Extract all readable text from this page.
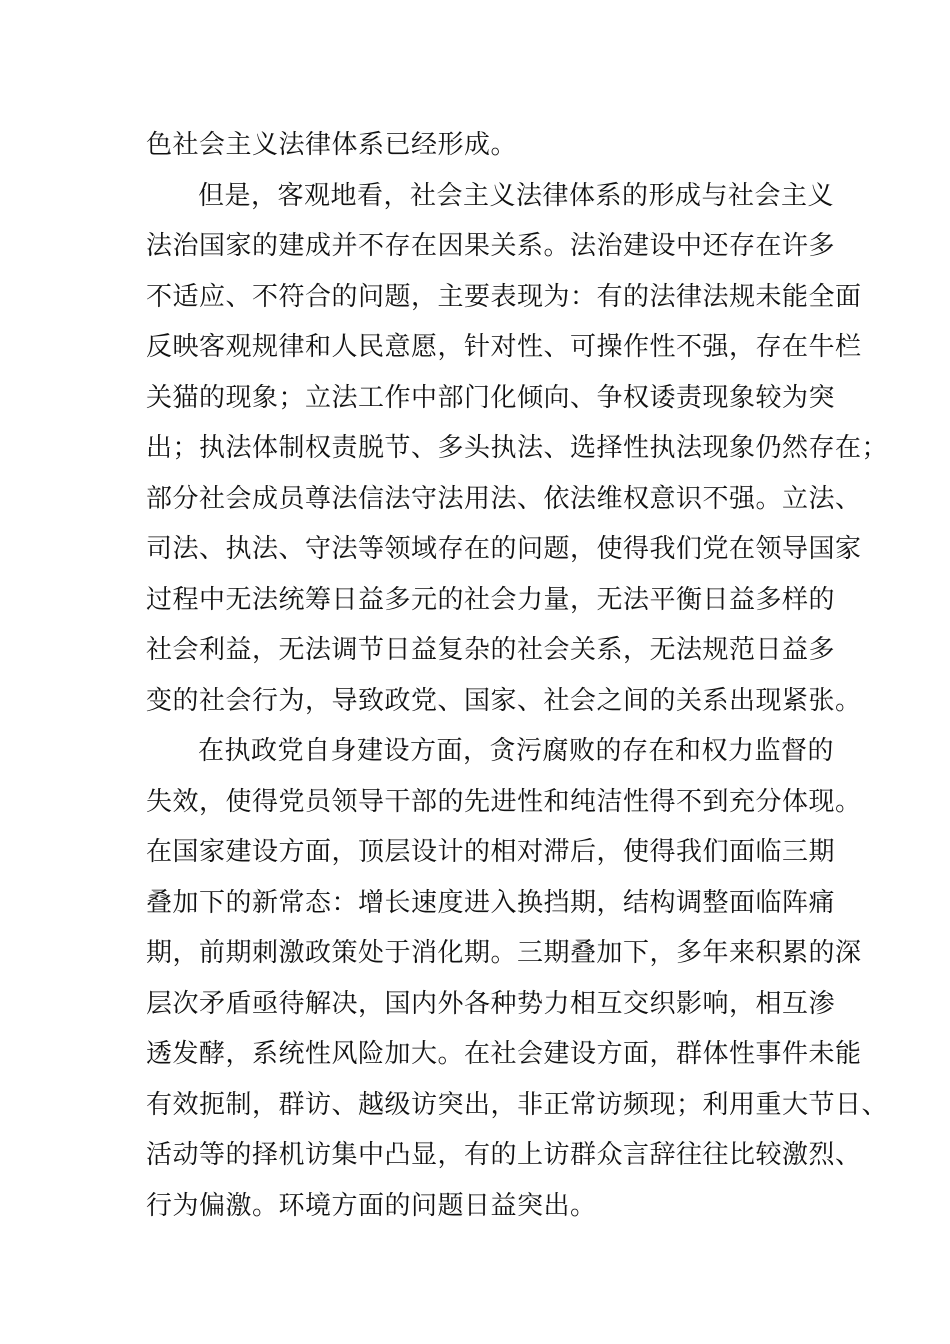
色社会主义法律体系已经形成。
但是，客观地看，社会主义法律体系的形成与社会主义
法治国家的建成并不存在因果关系。法治建设中还存在许多
不适应、不符合的问题，主要表现为：有的法律法规未能全面
反映客观规律和人民意愿，针对性、可操作性不强，存在牛栏
关猫的现象；立法工作中部门化倾向、争权诿责现象较为突
出；执法体制权责脱节、多头执法、选择性执法现象仍然存在；
部分社会成员尊法信法守法用法、依法维权意识不强。立法、
司法、执法、守法等领域存在的问题，使得我们党在领导国家
过程中无法统筹日益多元的社会力量，无法平衡日益多样的
社会利益，无法调节日益复杂的社会关系，无法规范日益多
变的社会行为，导致政党、国家、社会之间的关系出现紧张。
在执政党自身建设方面，贪污腐败的存在和权力监督的
失效，使得党员领导干部的先进性和纯洁性得不到充分体现。
在国家建设方面，顶层设计的相对滞后，使得我们面临三期
叠加下的新常态：增长速度进入换挡期，结构调整面临阵痛
期，前期刺激政策处于消化期。三期叠加下，多年来积累的深
层次矛盾亟待解决，国内外各种势力相互交织影响，相互渗
透发酵，系统性风险加大。在社会建设方面，群体性事件未能
有效扼制，群访、越级访突出，非正常访频现；利用重大节日、
活动等的择机访集中凸显，有的上访群众言辞往往比较激烈、
行为偏激。环境方面的问题日益突出。
